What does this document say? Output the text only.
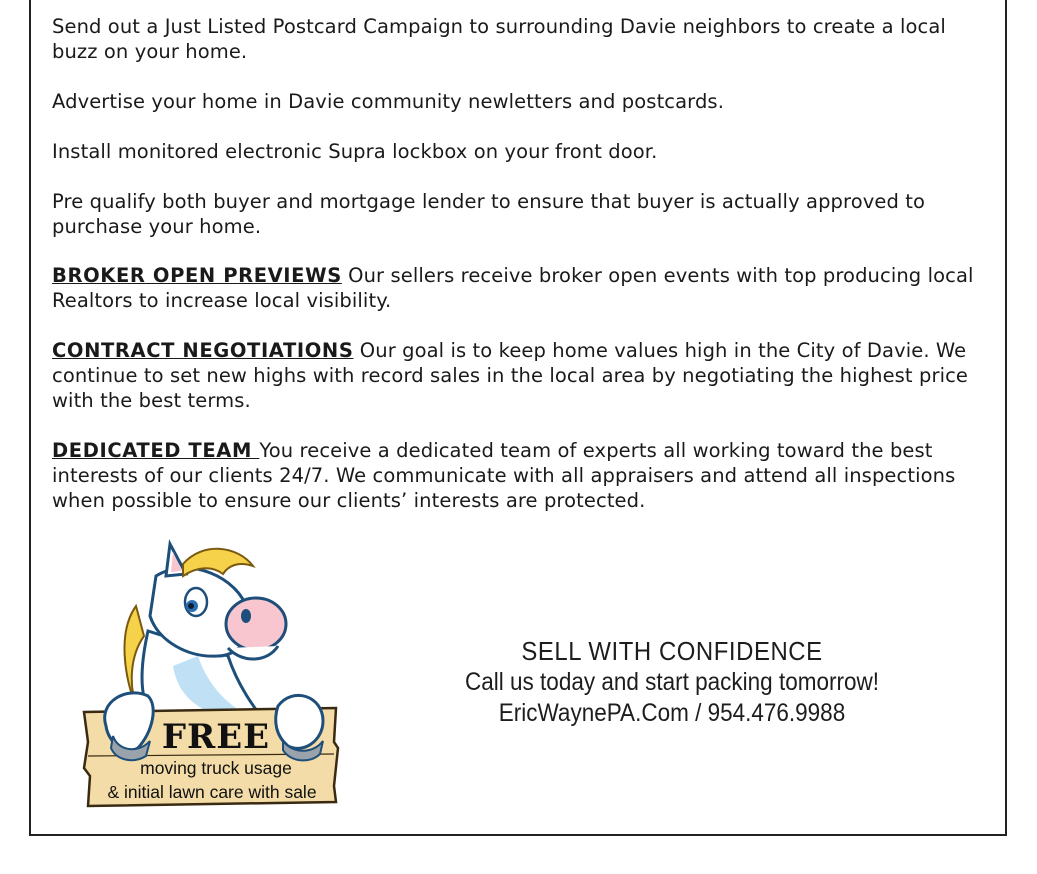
Send out a Just Listed Postcard Campaign to surrounding Davie neighbors to create a local buzz on your home.

Advertise your home in Davie community newletters and postcards.

Install monitored electronic Supra lockbox on your front door.

Pre qualify both buyer and mortgage lender to ensure that buyer is actually approved to purchase your home.

BROKER OPEN PREVIEWS Our sellers receive broker open events with top producing local Realtors to increase local visibility.

CONTRACT NEGOTIATIONS Our goal is to keep home values high in the City of Davie. We continue to set new highs with record sales in the local area by negotiating the highest price with the best terms.

DEDICATED TEAM You receive a dedicated team of experts all working toward the best interests of our clients 24/7. We communicate with all appraisers and attend all inspections when possible to ensure our clients’ interests are protected.

FREE
moving truck usage
& initial lawn care with sale
SELL WITH CONFIDENCE
Call us today and start packing tomorrow!
EricWaynePA.Com / 954.476.9988
